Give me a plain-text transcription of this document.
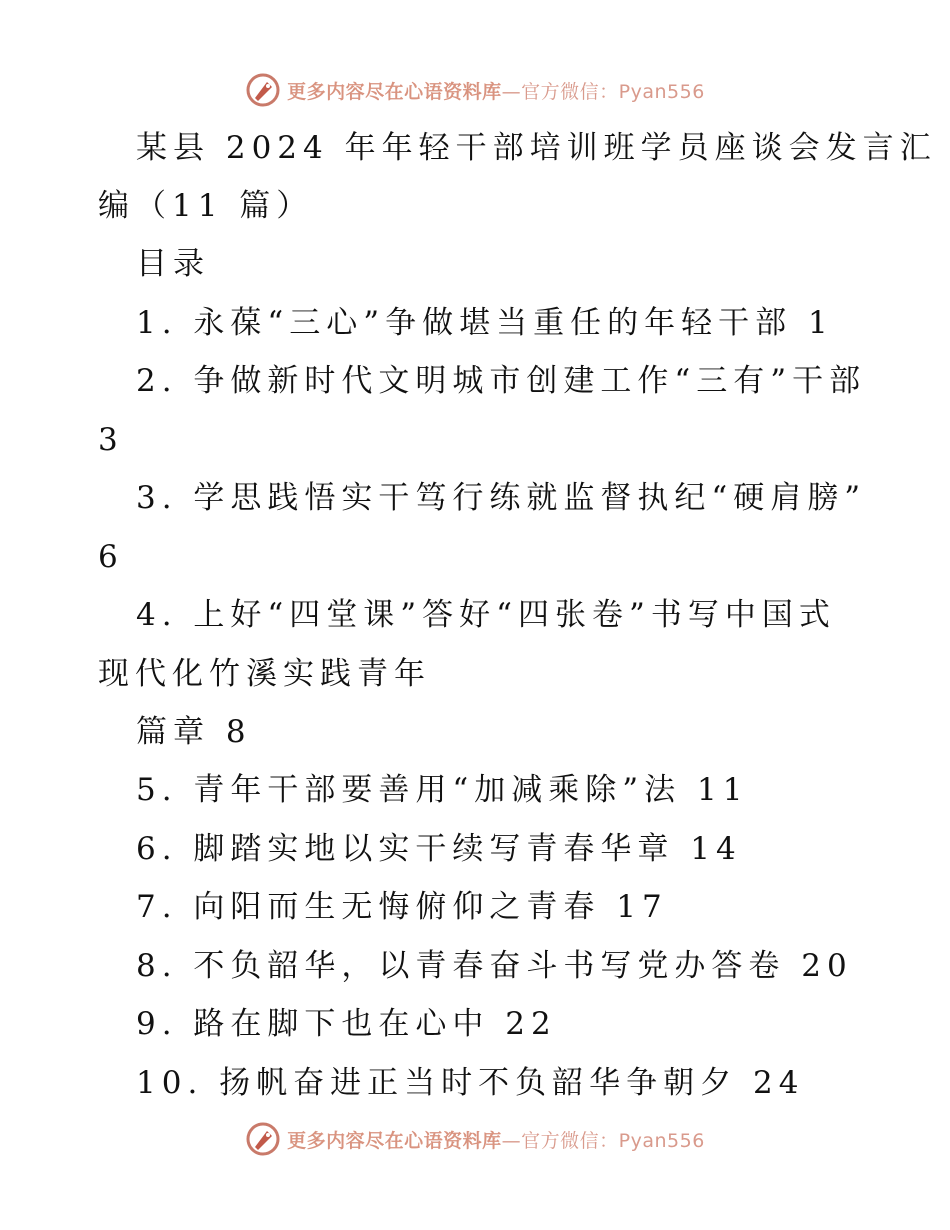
更多内容尽在心语资料库—官方微信：Pyan556
某县 2024 年年轻干部培训班学员座谈会发言汇
编（11 篇）
目录
1. 永葆“三心”争做堪当重任的年轻干部 1
2. 争做新时代文明城市创建工作“三有”干部
3
3. 学思践悟实干笃行练就监督执纪“硬肩膀”
6
4. 上好“四堂课”答好“四张卷”书写中国式
现代化竹溪实践青年
篇章 8
5. 青年干部要善用“加减乘除”法 11
6. 脚踏实地以实干续写青春华章 14
7. 向阳而生无悔俯仰之青春 17
8. 不负韶华，以青春奋斗书写党办答卷 20
9. 路在脚下也在心中 22
10. 扬帆奋进正当时不负韶华争朝夕 24
更多内容尽在心语资料库—官方微信：Pyan556
